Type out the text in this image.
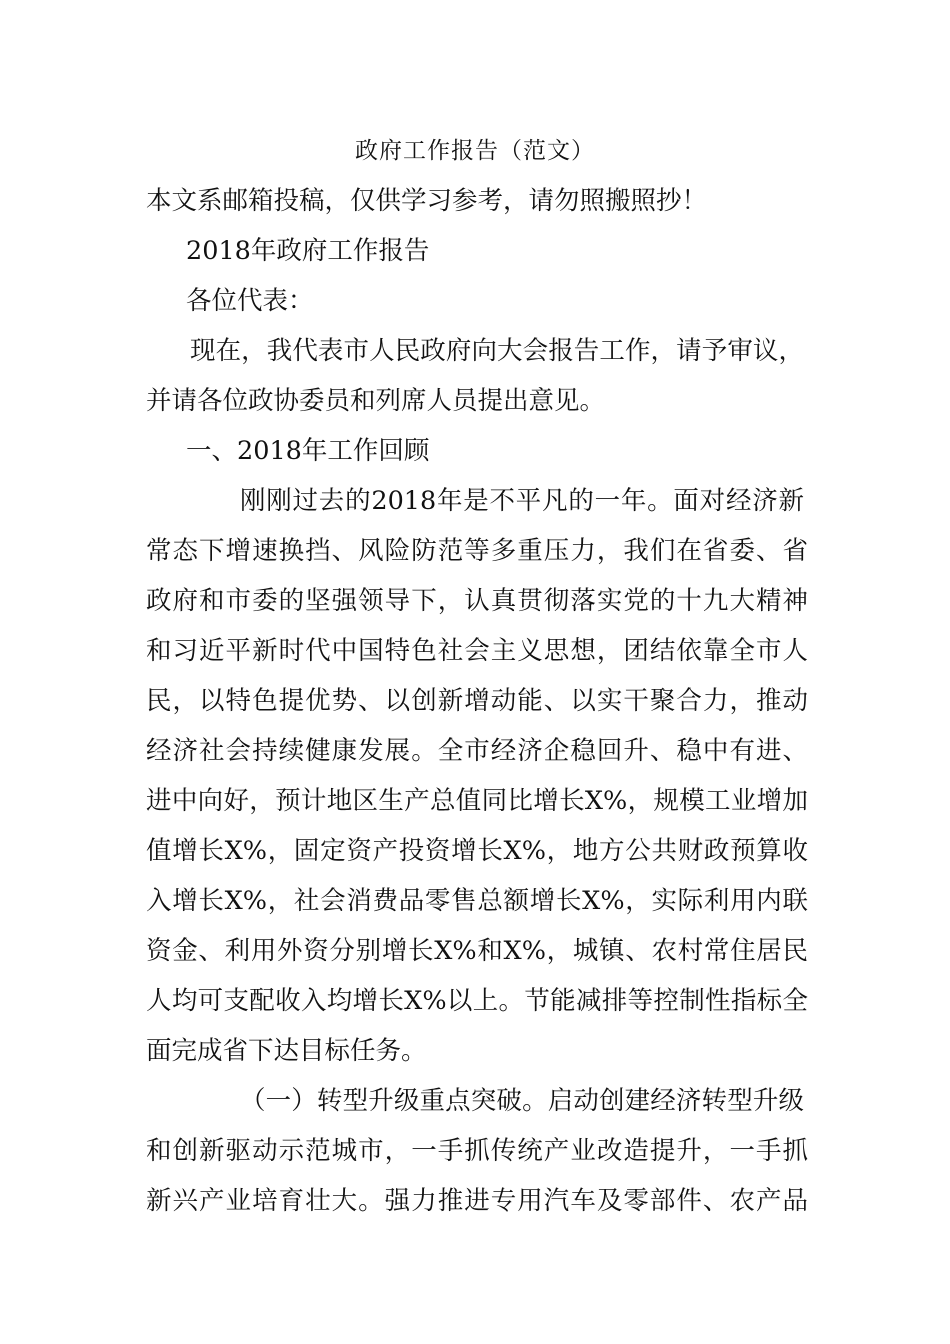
政府工作报告（范文）
本文系邮箱投稿，仅供学习参考，请勿照搬照抄！
2018年政府工作报告
各位代表：
现在，我代表市人民政府向大会报告工作，请予审议，
并请各位政协委员和列席人员提出意见。
一、2018年工作回顾
刚刚过去的2018年是不平凡的一年。面对经济新
常态下增速换挡、风险防范等多重压力，我们在省委、省
政府和市委的坚强领导下，认真贯彻落实党的十九大精神
和习近平新时代中国特色社会主义思想，团结依靠全市人
民，以特色提优势、以创新增动能、以实干聚合力，推动
经济社会持续健康发展。全市经济企稳回升、稳中有进、
进中向好，预计地区生产总值同比增长X%，规模工业增加
值增长X%，固定资产投资增长X%，地方公共财政预算收
入增长X%，社会消费品零售总额增长X%，实际利用内联
资金、利用外资分别增长X%和X%，城镇、农村常住居民
人均可支配收入均增长X%以上。节能减排等控制性指标全
面完成省下达目标任务。
（一）转型升级重点突破。启动创建经济转型升级
和创新驱动示范城市，一手抓传统产业改造提升，一手抓
新兴产业培育壮大。强力推进专用汽车及零部件、农产品
